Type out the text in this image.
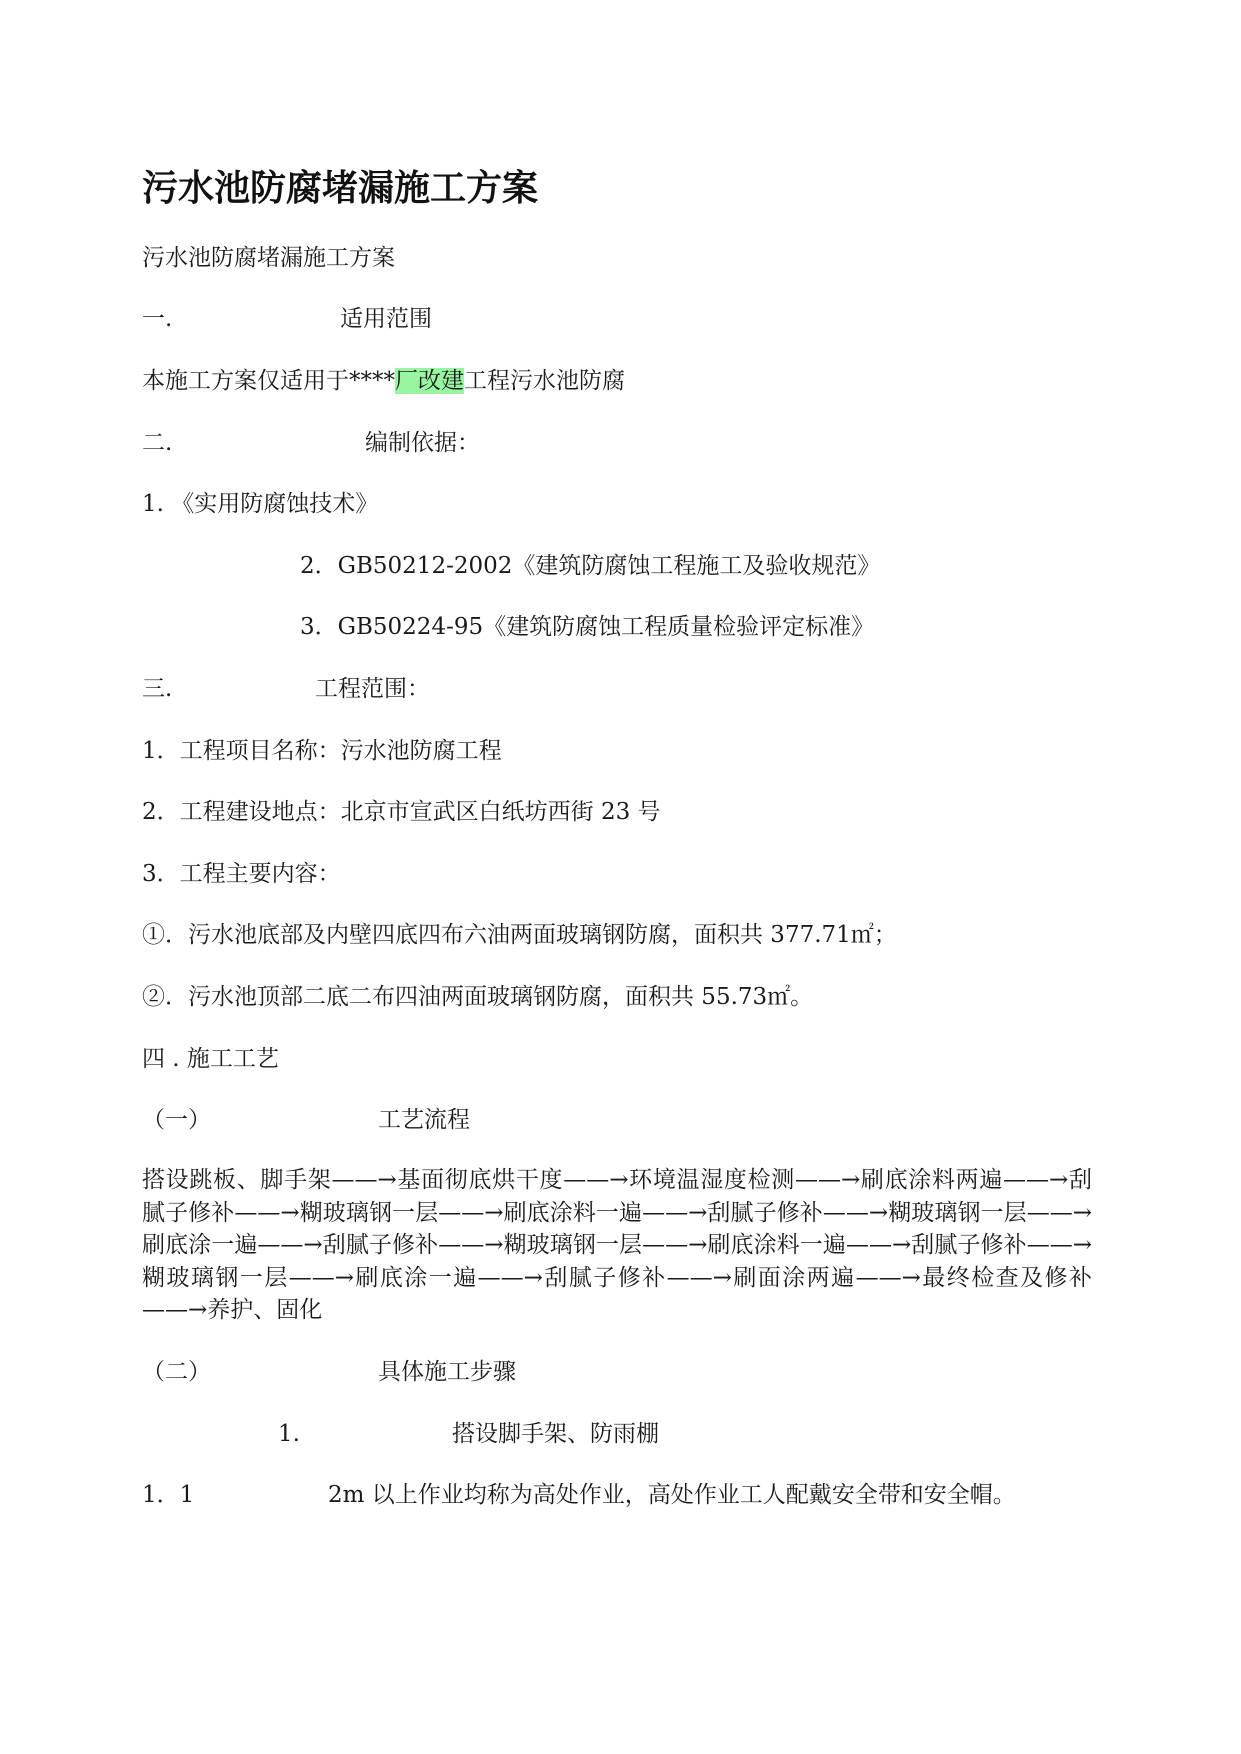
污水池防腐堵漏施工方案
污水池防腐堵漏施工方案
一.	适用范围
本施工方案仅适用于****厂改建工程污水池防腐
二.	编制依据：
1. 《实用防腐蚀技术》
2．GB50212-2002《建筑防腐蚀工程施工及验收规范》
3．GB50224-95《建筑防腐蚀工程质量检验评定标准》
三.	工程范围：
1．工程项目名称：污水池防腐工程
2．工程建设地点：北京市宣武区白纸坊西街 23 号
3．工程主要内容：
①．污水池底部及内壁四底四布六油两面玻璃钢防腐，面积共 377.71㎡；
②．污水池顶部二底二布四油两面玻璃钢防腐，面积共 55.73㎡。
四 . 施工工艺
（一）	工艺流程
搭设跳板、脚手架——→基面彻底烘干度——→环境温湿度检测——→刷底涂料两遍——→刮腻子修补——→糊玻璃钢一层——→刷底涂料一遍——→刮腻子修补——→糊玻璃钢一层——→刷底涂一遍——→刮腻子修补——→糊玻璃钢一层——→刷底涂料一遍——→刮腻子修补——→糊玻璃钢一层——→刷底涂一遍——→刮腻子修补——→刷面涂两遍——→最终检查及修补——→养护、固化
（二）	具体施工步骤
1.	搭设脚手架、防雨棚
1．1	2m 以上作业均称为高处作业，高处作业工人配戴安全带和安全帽。
